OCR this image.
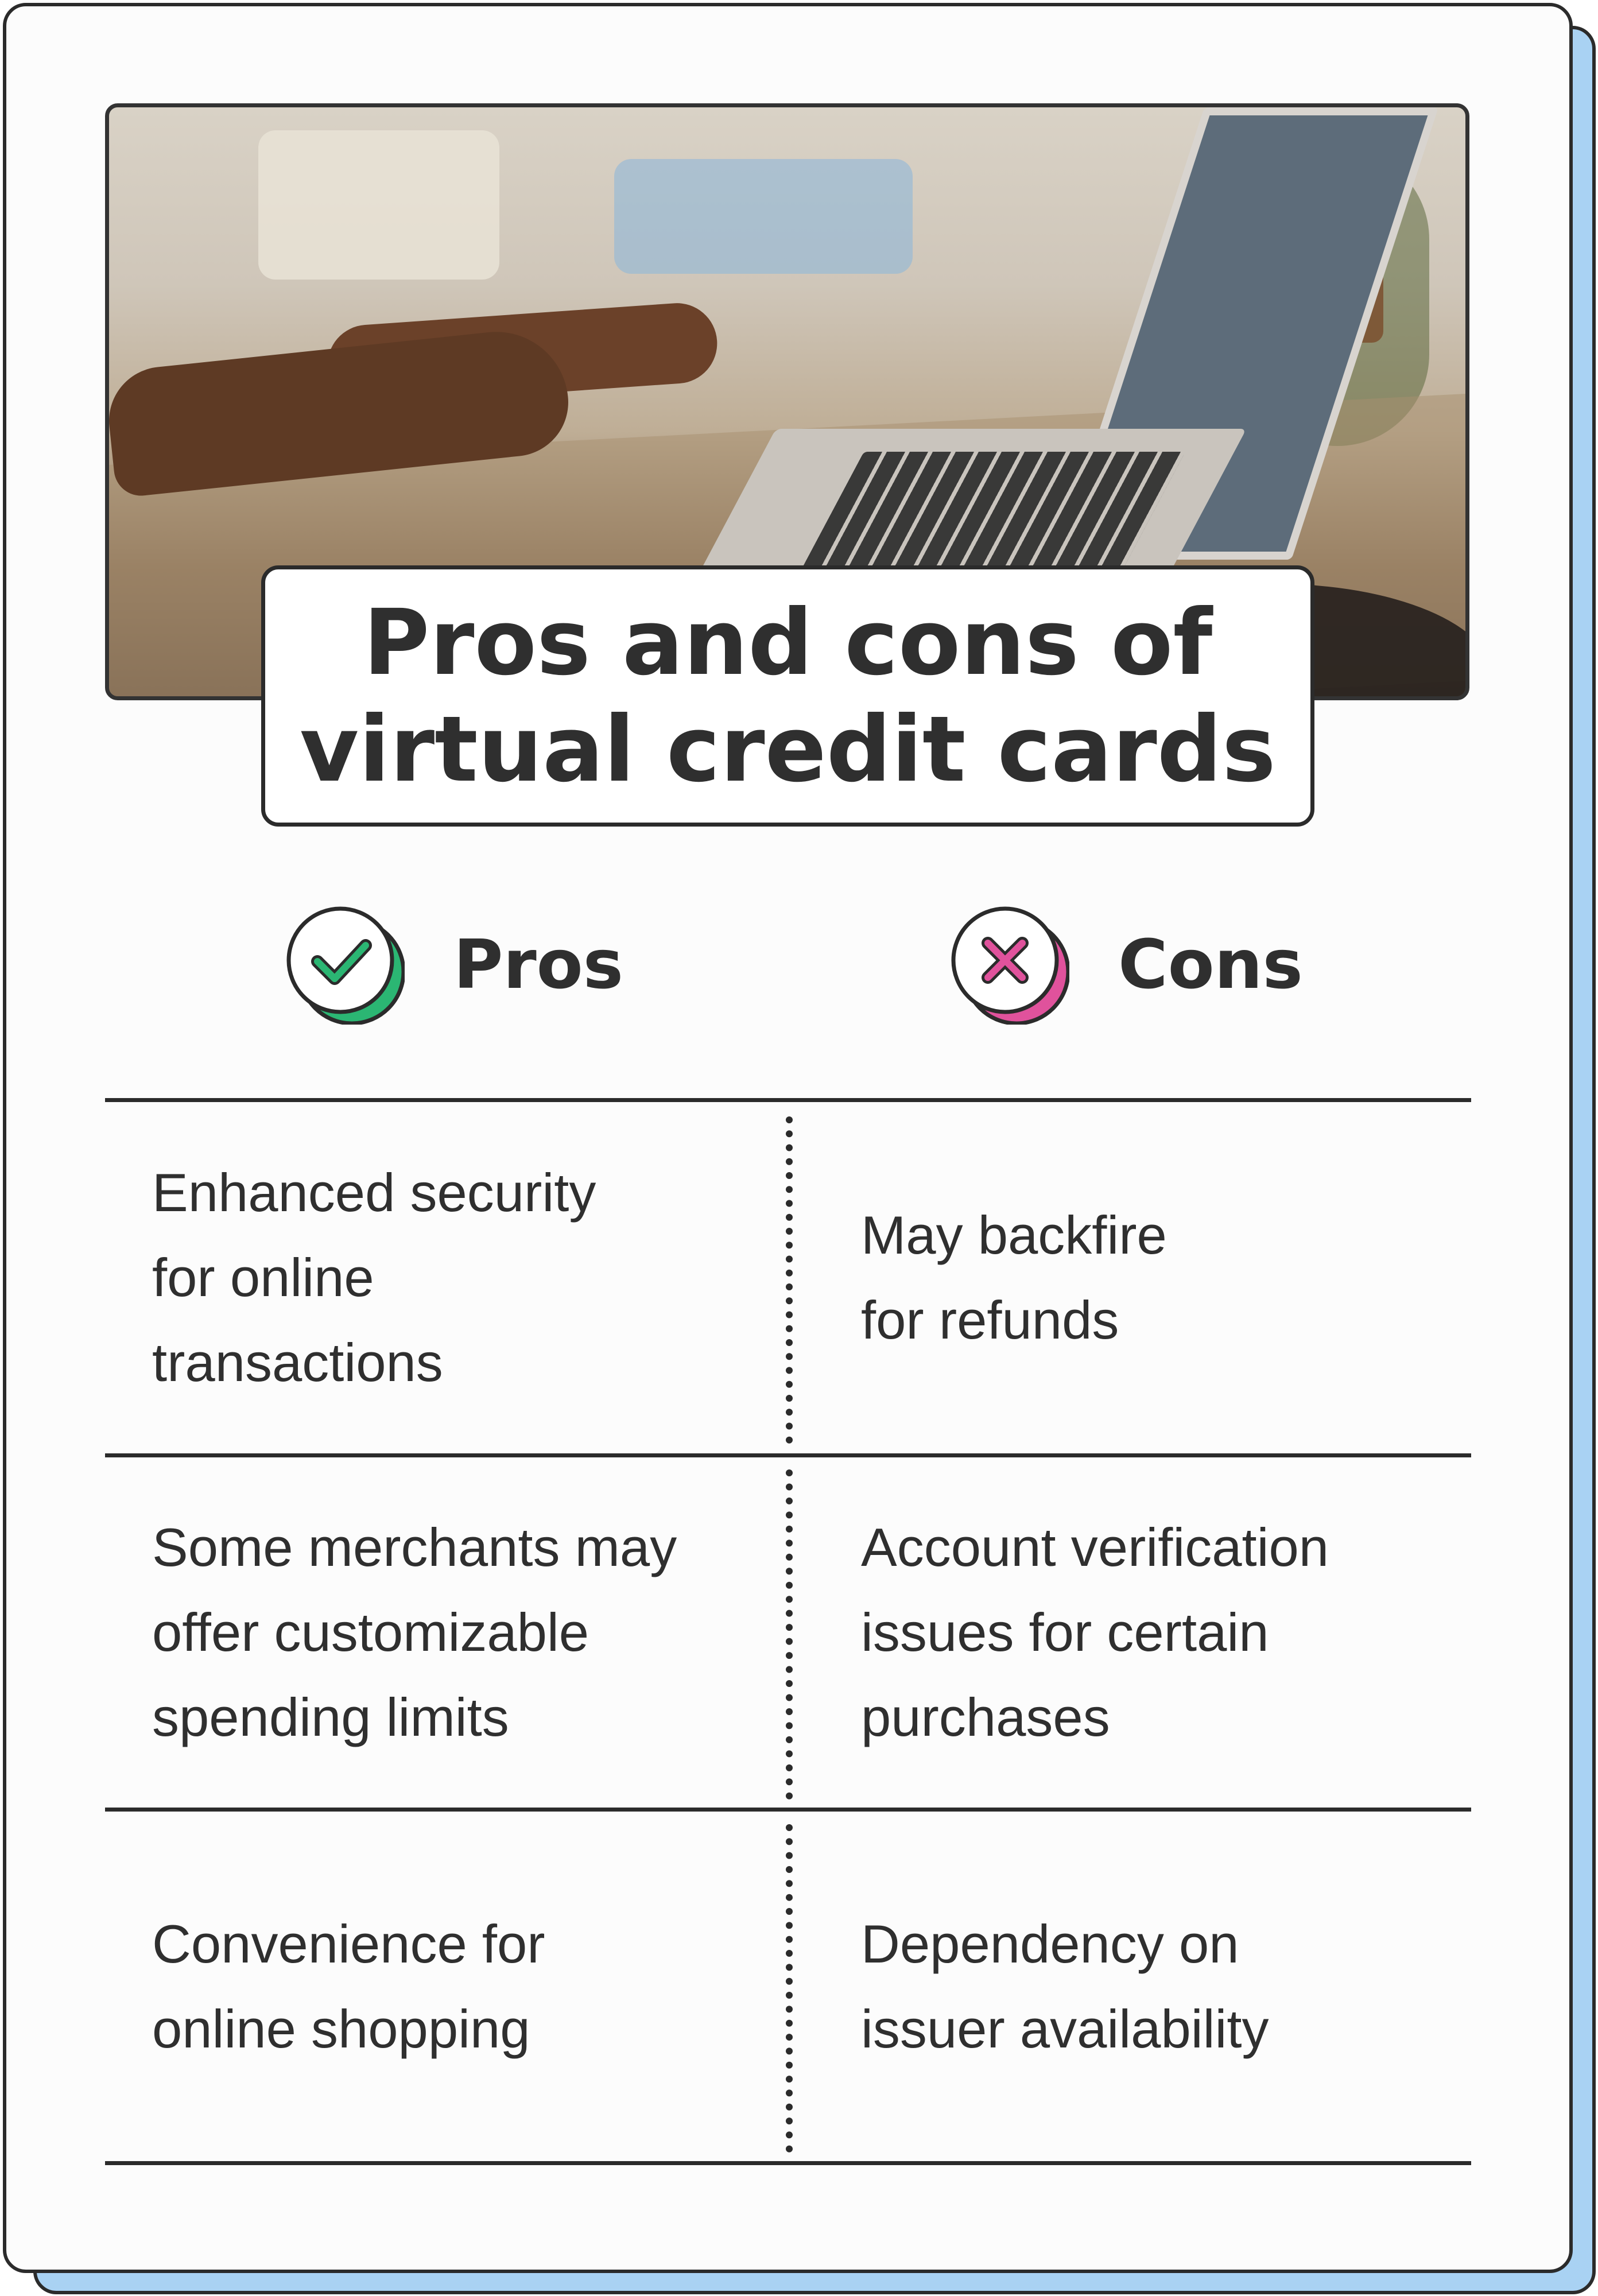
Pros and cons of
virtual credit cards
Pros	Cons
Enhanced security
for online
transactions
May backfire
for refunds
Some merchants may
offer customizable
spending limits
Account verification
issues for certain
purchases
Convenience for
online shopping
Dependency on
issuer availability
